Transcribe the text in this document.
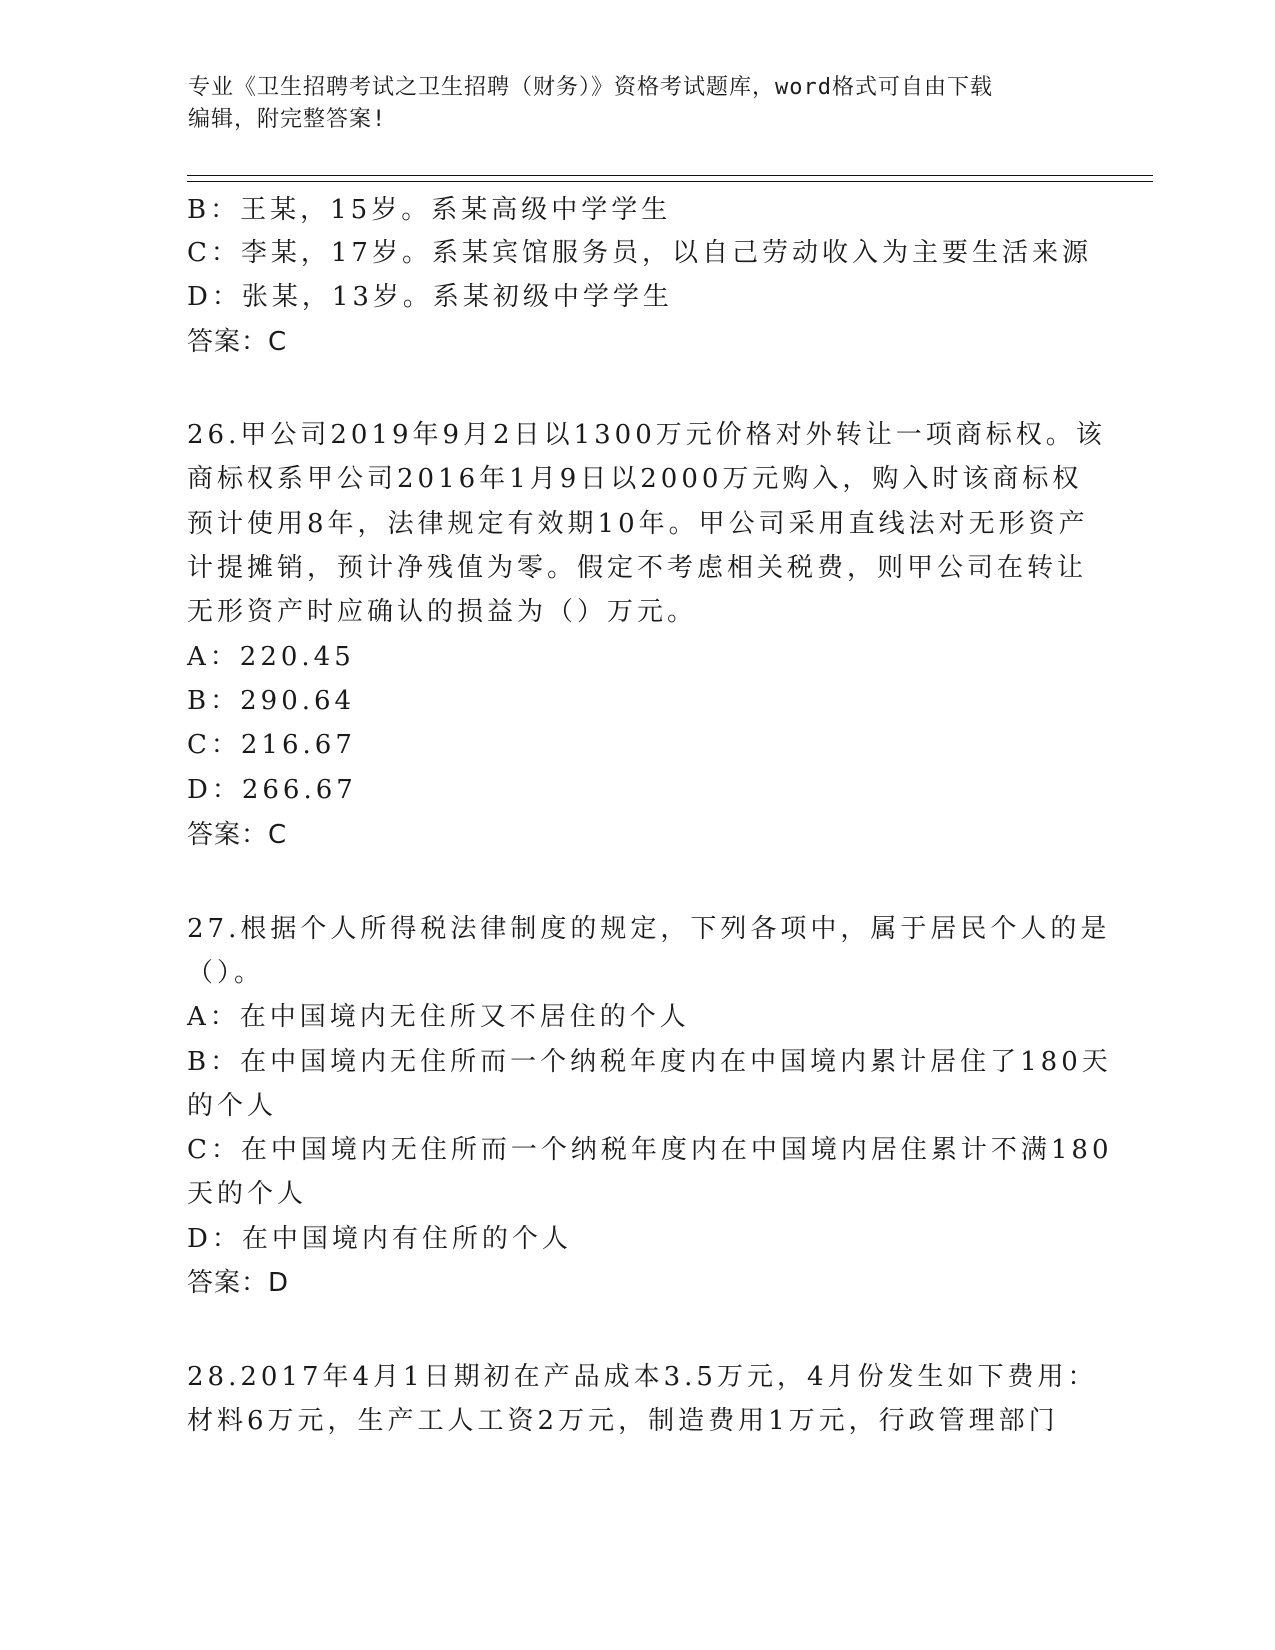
专业《卫生招聘考试之卫生招聘（财务）》资格考试题库，word格式可自由下载
编辑，附完整答案!
B：王某，15岁。系某高级中学学生
C：李某，17岁。系某宾馆服务员，以自己劳动收入为主要生活来源
D：张某，13岁。系某初级中学学生
答案：C
26.甲公司2019年9月2日以1300万元价格对外转让一项商标权。该
商标权系甲公司2016年1月9日以2000万元购入，购入时该商标权
预计使用8年，法律规定有效期10年。甲公司采用直线法对无形资产
计提摊销，预计净残值为零。假定不考虑相关税费，则甲公司在转让
无形资产时应确认的损益为（）万元。
A：220.45
B：290.64
C：216.67
D：266.67
答案：C
27.根据个人所得税法律制度的规定，下列各项中，属于居民个人的是
（）。
A：在中国境内无住所又不居住的个人
B：在中国境内无住所而一个纳税年度内在中国境内累计居住了180天
的个人
C：在中国境内无住所而一个纳税年度内在中国境内居住累计不满180
天的个人
D：在中国境内有住所的个人
答案：D
28.2017年4月1日期初在产品成本3.5万元，4月份发生如下费用：
材料6万元，生产工人工资2万元，制造费用1万元，行政管理部门
